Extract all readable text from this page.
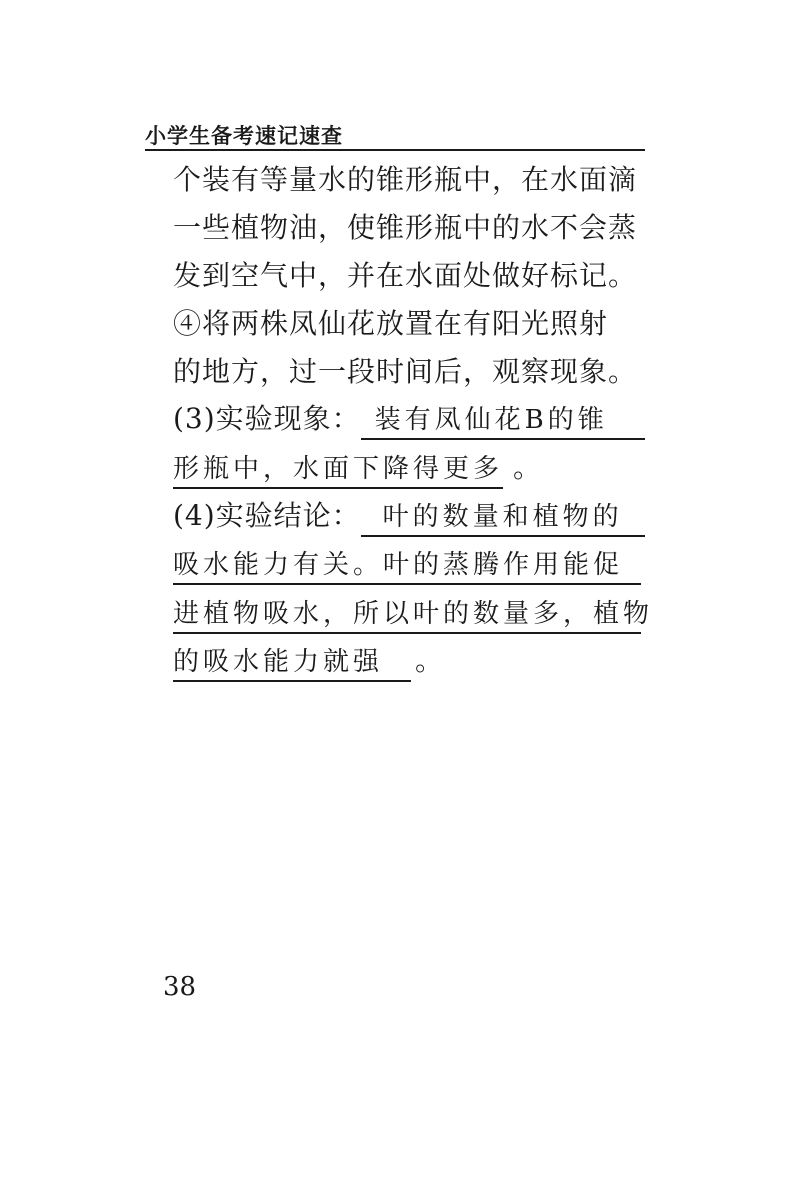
小学生备考速记速查
个装有等量水的锥形瓶中，在水面滴
一些植物油，使锥形瓶中的水不会蒸
发到空气中，并在水面处做好标记。
④将两株凤仙花放置在有阳光照射
的地方，过一段时间后，观察现象。
(3)实验现象： 装有凤仙花B的锥
形瓶中，水面下降得更多 。
(4)实验结论： 叶的数量和植物的
吸水能力有关。叶的蒸腾作用能促
进植物吸水，所以叶的数量多，植物
的吸水能力就强 。
38
